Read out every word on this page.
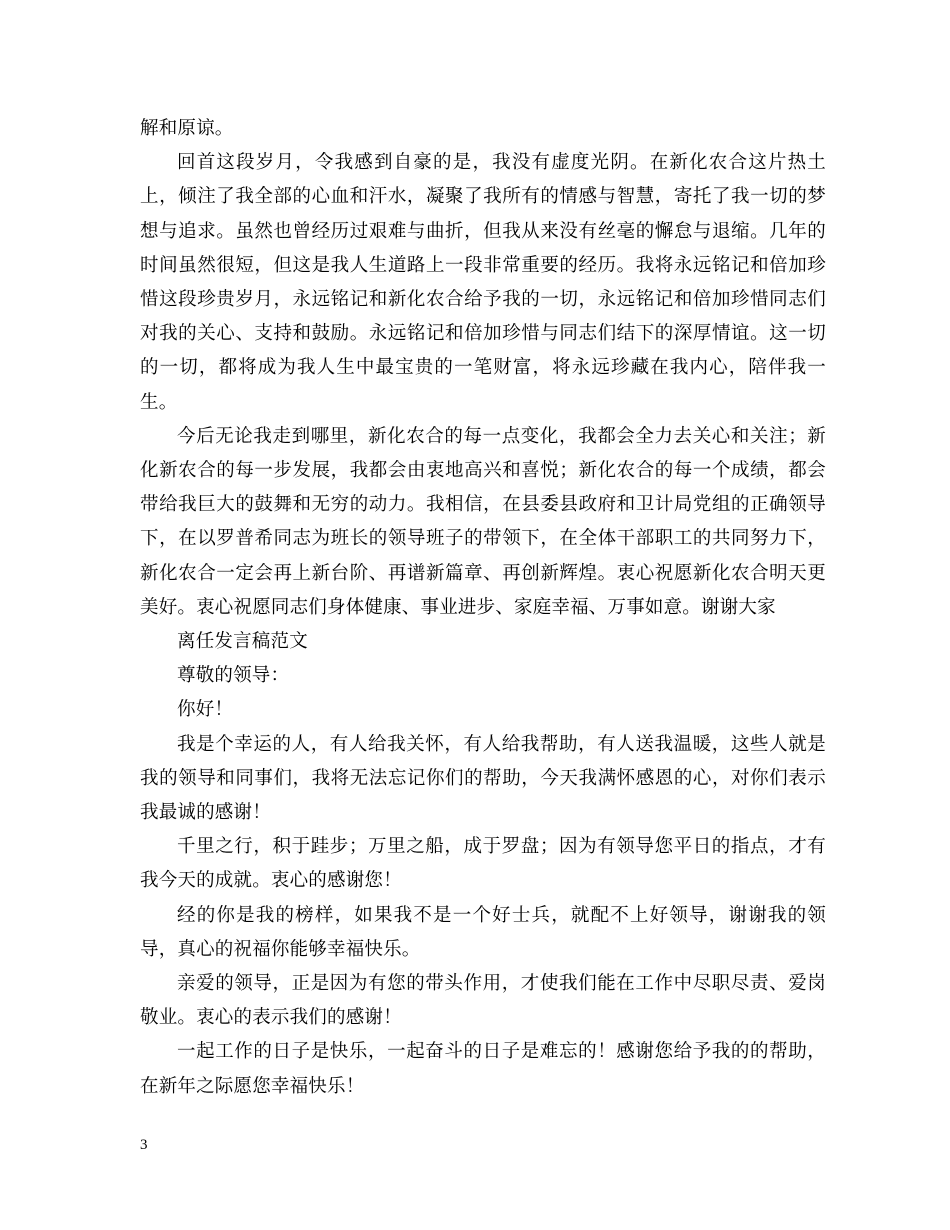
解和原谅。

回首这段岁月，令我感到自豪的是，我没有虚度光阴。在新化农合这片热土上，倾注了我全部的心血和汗水，凝聚了我所有的情感与智慧，寄托了我一切的梦想与追求。虽然也曾经历过艰难与曲折，但我从来没有丝毫的懈怠与退缩。几年的时间虽然很短，但这是我人生道路上一段非常重要的经历。我将永远铭记和倍加珍惜这段珍贵岁月，永远铭记和新化农合给予我的一切，永远铭记和倍加珍惜同志们对我的关心、支持和鼓励。永远铭记和倍加珍惜与同志们结下的深厚情谊。这一切的一切，都将成为我人生中最宝贵的一笔财富，将永远珍藏在我内心，陪伴我一生。

今后无论我走到哪里，新化农合的每一点变化，我都会全力去关心和关注；新化新农合的每一步发展，我都会由衷地高兴和喜悦；新化农合的每一个成绩，都会带给我巨大的鼓舞和无穷的动力。我相信，在县委县政府和卫计局党组的正确领导下，在以罗普希同志为班长的领导班子的带领下，在全体干部职工的共同努力下，新化农合一定会再上新台阶、再谱新篇章、再创新辉煌。衷心祝愿新化农合明天更美好。衷心祝愿同志们身体健康、事业进步、家庭幸福、万事如意。谢谢大家

离任发言稿范文

尊敬的领导：

你好！

我是个幸运的人，有人给我关怀，有人给我帮助，有人送我温暖，这些人就是我的领导和同事们，我将无法忘记你们的帮助，今天我满怀感恩的心，对你们表示我最诚的感谢！

千里之行，积于跬步；万里之船，成于罗盘；因为有领导您平日的指点，才有我今天的成就。衷心的感谢您！

经的你是我的榜样，如果我不是一个好士兵，就配不上好领导，谢谢我的领导，真心的祝福你能够幸福快乐。

亲爱的领导，正是因为有您的带头作用，才使我们能在工作中尽职尽责、爱岗敬业。衷心的表示我们的感谢！

一起工作的日子是快乐，一起奋斗的日子是难忘的！感谢您给予我的的帮助，在新年之际愿您幸福快乐！

3
